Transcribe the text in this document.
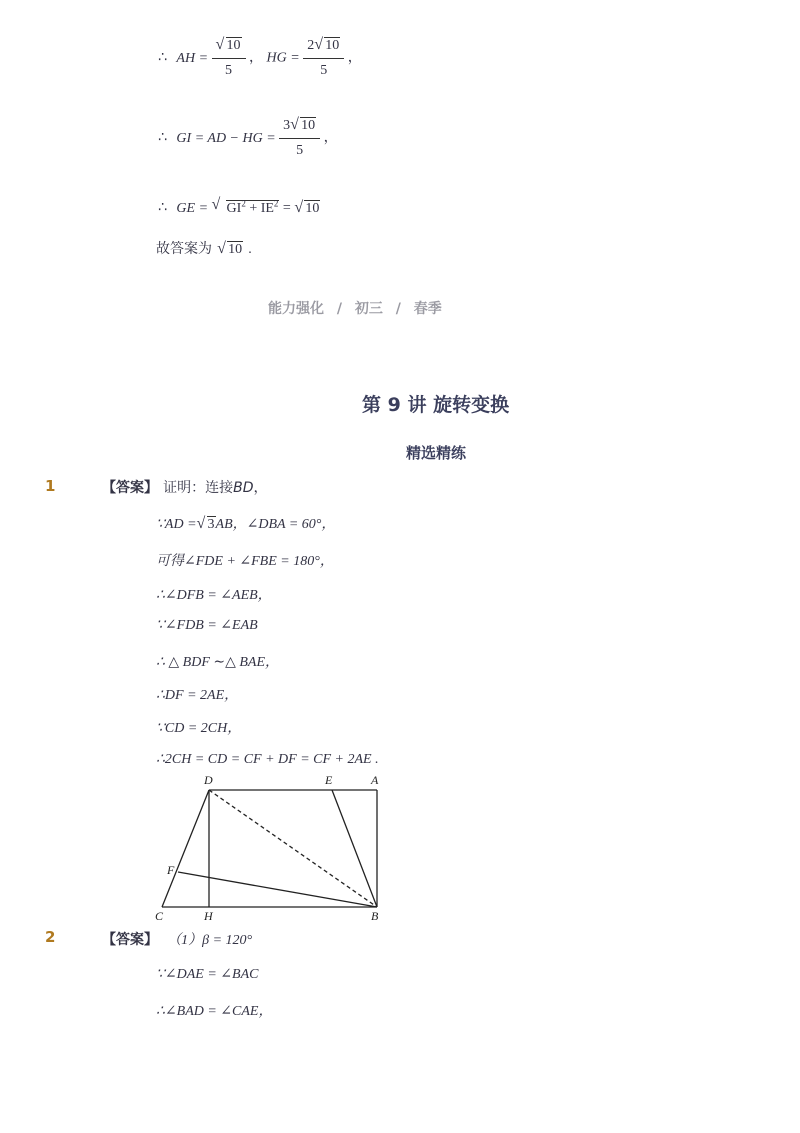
∴ AH = √ $\frac{10}{5}$ ， HG = $\frac{2 √ 10}{5}$ ，
∴ GI = AD − HG = $\frac{3 √ 10}{5}$ ，
∴ GE = √ $GI^2 + IE^2$ = √ 10
故答案为 √ 10 .
能力强化 / 初三 / 春季
第 9 讲 旋转变换
精选精练
1	【答案】 证明：连接BD，
∵AD = √ 3AB，∠DBA = 60°，
可得∠FDE + ∠FBE = 180°，
∴∠DFB = ∠AEB，
∵∠FDB = ∠EAB
∴ △ BDF ∼△ BAE，
∴DF = 2AE，
∵CD = 2CH，
∴2CH = CD = CF + DF = CF + 2AE .
D	E	A
F
C	H	B
2	【答案】 （1）β = 120°
∵∠DAE = ∠BAC
∴∠BAD = ∠CAE，
